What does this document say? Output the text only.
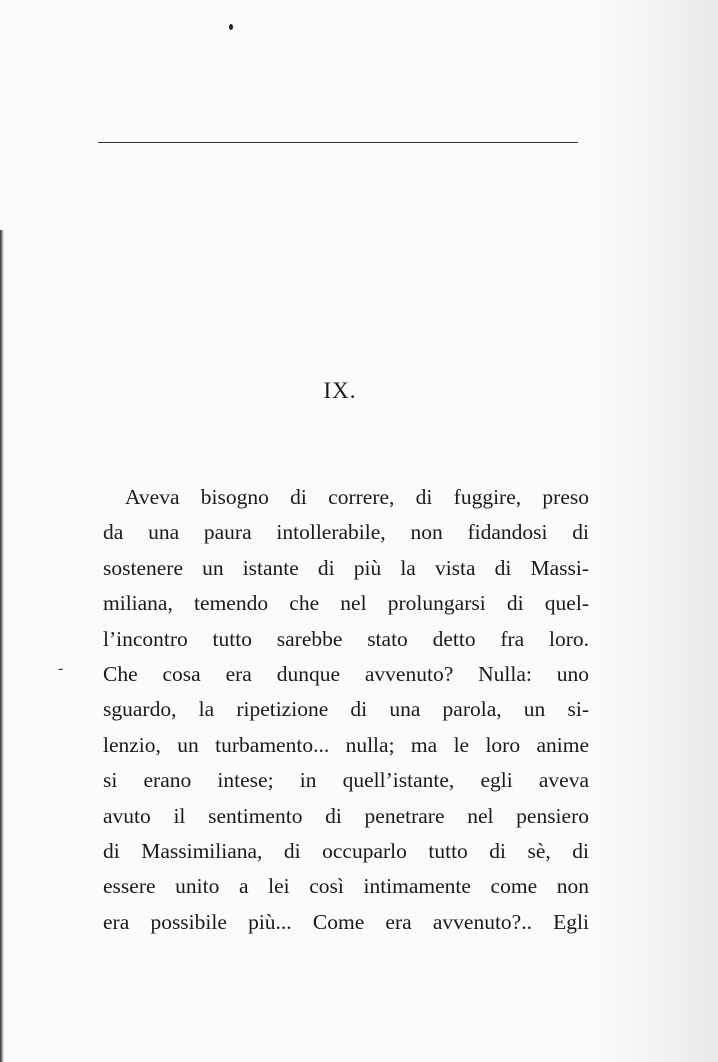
IX.
-
Aveva bisogno di correre, di fuggire, preso
da una paura intollerabile, non fidandosi di
sostenere un istante di più la vista di Massi-
miliana, temendo che nel prolungarsi di quel-
l’incontro tutto sarebbe stato detto fra loro.
Che cosa era dunque avvenuto? Nulla: uno
sguardo, la ripetizione di una parola, un si-
lenzio, un turbamento... nulla; ma le loro anime
si erano intese; in quell’istante, egli aveva
avuto il sentimento di penetrare nel pensiero
di Massimiliana, di occuparlo tutto di sè, di
essere unito a lei così intimamente come non
era possibile più... Come era avvenuto?.. Egli
